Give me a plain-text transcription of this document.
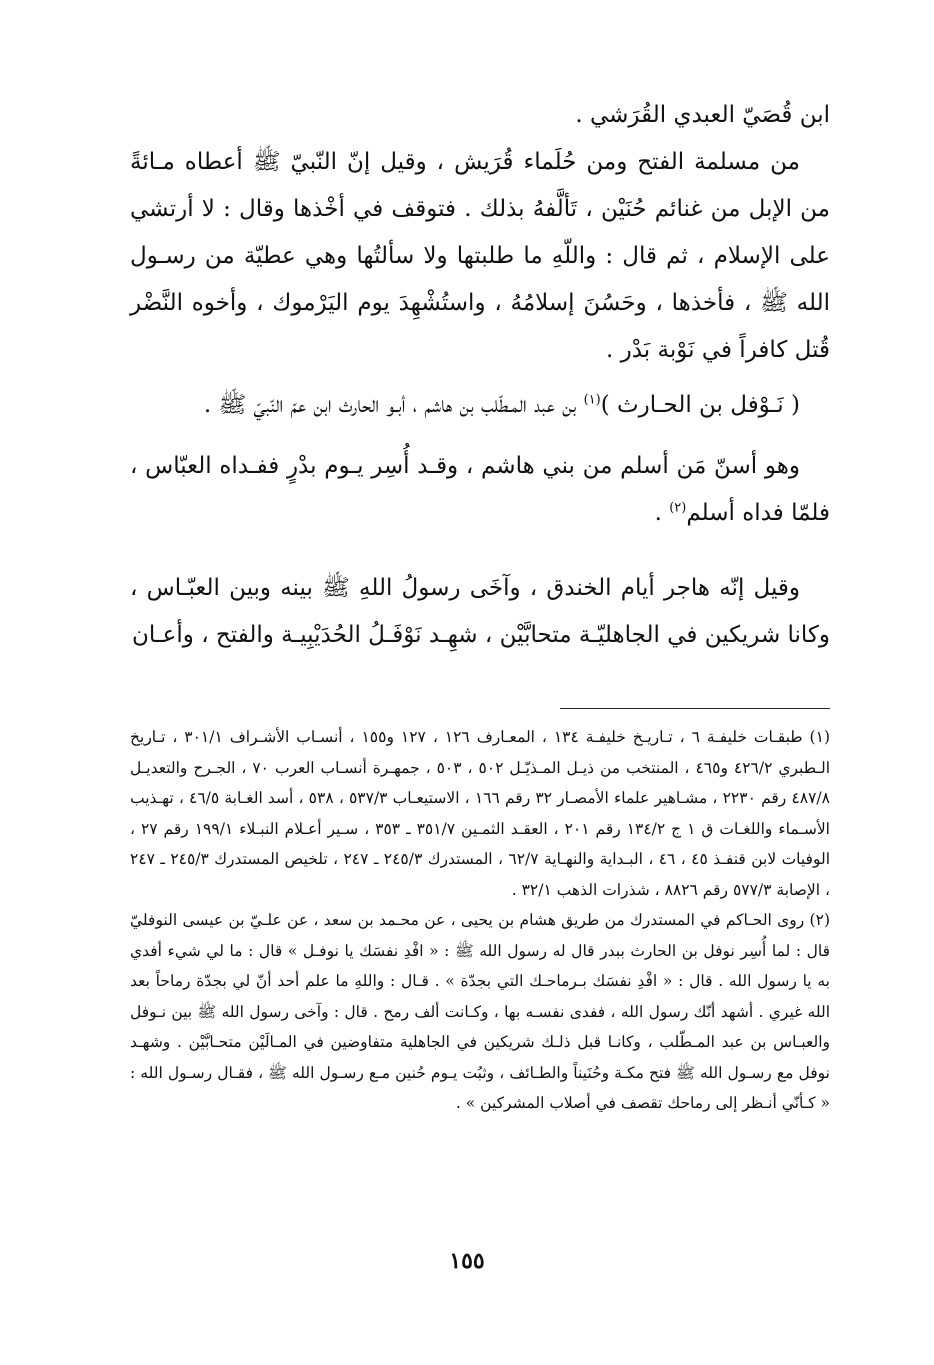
ابن قُصَيّ العبدي القُرَشي .

من مسلمة الفتح ومن حُلَماء قُرَيش ، وقيل إنّ النّبيّ ﷺ أعطاه مـائةً من الإبل من غنائم حُنَيْن ، تَألَّفهُ بذلك . فتوقف في أخْذها وقال : لا أرتشي على الإسلام ، ثم قال : واللّهِ ما طلبتها ولا سألتُها وهي عطيّة من رسـول الله ﷺ ، فأخذها ، وحَسُنَ إسلامُهُ ، واستُشْهِدَ يوم اليَرْموك ، وأخوه النَّضْر قُتل كافراً في نَوْبة بَدْر .

( نَـوْفل بن الحـارث )$^{(١)}$ بن عبد المـطّلب بن هاشم ، أبـو الحارث ابن عمّ النّبيّ ﷺ .

وهو أسنّ مَن أسلم من بني هاشم ، وقـد أُسِر يـوم بدْرٍ ففـداه العبّاس ، فلمّا فداه أسلم$^{(٢)}$ .

وقيل إنّه هاجر أيام الخندق ، وآخَى رسولُ اللهِ ﷺ بينه وبين العبّـاس ، وكانا شريكين في الجاهليّـة متحابَّيْن ، شهِـد نَوْفَـلُ الحُدَيْبِيـة والفتح ، وأعـان

(١) طبقـات خليفـة ٦ ، تـاريـخ خليفـة ١٣٤ ، المعـارف ١٢٦ ، ١٢٧ و١٥٥ ، أنسـاب الأشـراف ٣٠١/١ ، تـاريخ الـطبري ٤٢٦/٢ و٤٦٥ ، المنتخب من ذيـل المـذيّـل ٥٠٢ ، ٥٠٣ ، جمهـرة أنسـاب العرب ٧٠ ، الجـرح والتعديـل ٤٨٧/٨ رقم ٢٢٣٠ ، مشـاهير علماء الأمصـار ٣٢ رقم ١٦٦ ، الاستيعـاب ٥٣٧/٣ ، ٥٣٨ ، أسد الغـابة ٤٦/٥ ، تهـذيب الأسـماء واللغـات ق ١ ج ١٣٤/٢ رقم ٢٠١ ، العقـد الثمـين ٣٥١/٧ ـ ٣٥٣ ، سـير أعـلام النبـلاء ١٩٩/١ رقم ٢٧ ، الوفيات لابن قنفـذ ٤٥ ، ٤٦ ، البـداية والنهـاية ٦٢/٧ ، المستدرك ٢٤٥/٣ ـ ٢٤٧ ، تلخيص المستدرك ٢٤٥/٣ ـ ٢٤٧ ، الإصابة ٥٧٧/٣ رقم ٨٨٢٦ ، شذرات الذهب ٣٢/١ .

(٢) روى الحـاكم في المستدرك من طريق هشام بن يحيى ، عن محـمد بن سعد ، عن علـيّ بن عيسى النوفليّ قال : لما أُسِر نوفل بن الحارث ببدر قال له رسول الله ﷺ : « افْدِ نفسَك يا نوفـل » قال : ما لي شيء أفدي به يا رسول الله . قال : « افْدِ نفسَك بـرماحـك التي بجدّة » . قـال : واللهِ ما علم أحد أنّ لي بجدّة رماحاً بعد الله غيري . أشهد أنّك رسول الله ، ففدى نفسـه بها ، وكـانت ألف رمح . قال : وآخى رسول الله ﷺ بين نـوفل والعبـاس بن عبد المـطّلب ، وكانـا قبل ذلـك شريكين في الجاهلية متفاوضين في المـالَيْن متحـابَّيْن . وشهـد نوفل مع رسـول الله ﷺ فتح مكـة وحُنَيناً والطـائف ، وثبُت يـوم حُنين مـع رسـول الله ﷺ ، فقـال رسـول الله : « كـأنّي أنـظر إلى رماحك تقصف في أصلاب المشركين » .

١٥٥
